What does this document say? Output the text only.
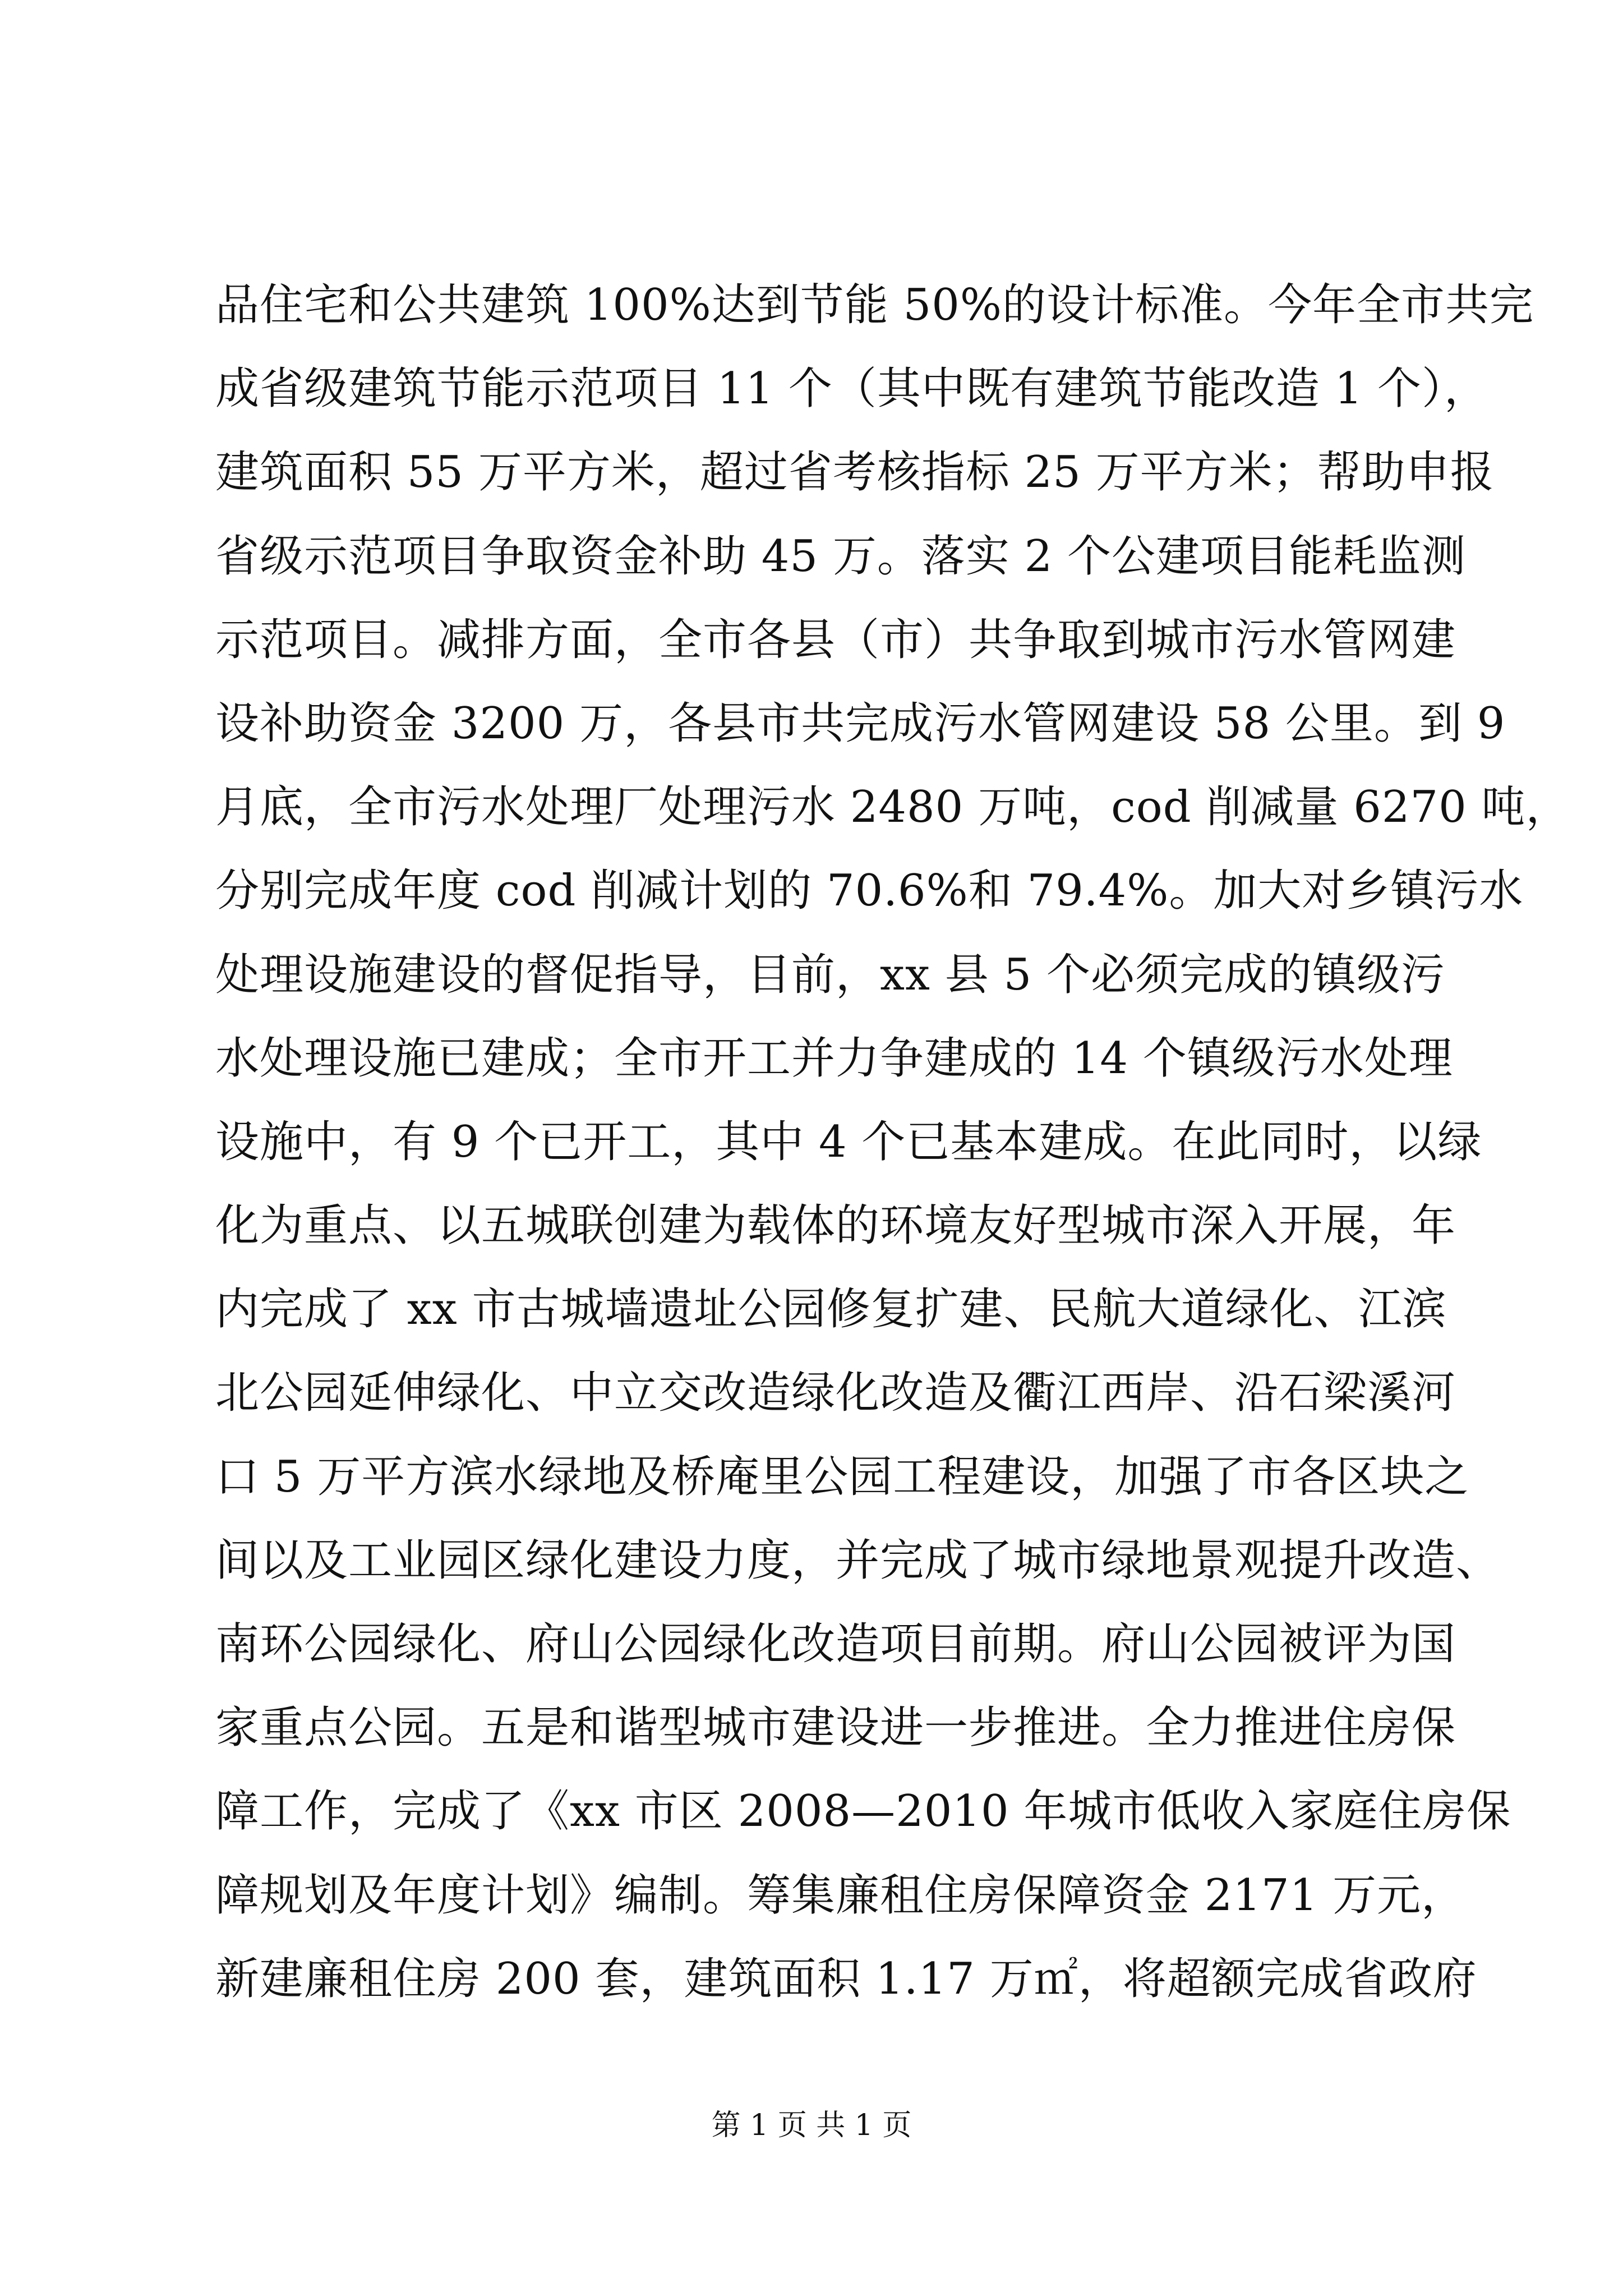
品住宅和公共建筑 100%达到节能 50%的设计标准。今年全市共完
成省级建筑节能示范项目 11 个（其中既有建筑节能改造 1 个），
建筑面积 55 万平方米，超过省考核指标 25 万平方米；帮助申报
省级示范项目争取资金补助 45 万。落实 2 个公建项目能耗监测
示范项目。减排方面，全市各县（市）共争取到城市污水管网建
设补助资金 3200 万，各县市共完成污水管网建设 58 公里。到 9
月底，全市污水处理厂处理污水 2480 万吨，cod 削减量 6270 吨，
分别完成年度 cod 削减计划的 70.6%和 79.4%。加大对乡镇污水
处理设施建设的督促指导，目前，xx 县 5 个必须完成的镇级污
水处理设施已建成；全市开工并力争建成的 14 个镇级污水处理
设施中，有 9 个已开工，其中 4 个已基本建成。在此同时，以绿
化为重点、以五城联创建为载体的环境友好型城市深入开展，年
内完成了 xx 市古城墙遗址公园修复扩建、民航大道绿化、江滨
北公园延伸绿化、中立交改造绿化改造及衢江西岸、沿石梁溪河
口 5 万平方滨水绿地及桥庵里公园工程建设，加强了市各区块之
间以及工业园区绿化建设力度，并完成了城市绿地景观提升改造、
南环公园绿化、府山公园绿化改造项目前期。府山公园被评为国
家重点公园。五是和谐型城市建设进一步推进。全力推进住房保
障工作，完成了《xx 市区 2008—2010 年城市低收入家庭住房保
障规划及年度计划》编制。筹集廉租住房保障资金 2171 万元，
新建廉租住房 200 套，建筑面积 1.17 万㎡，将超额完成省政府
第 1 页 共 1 页
